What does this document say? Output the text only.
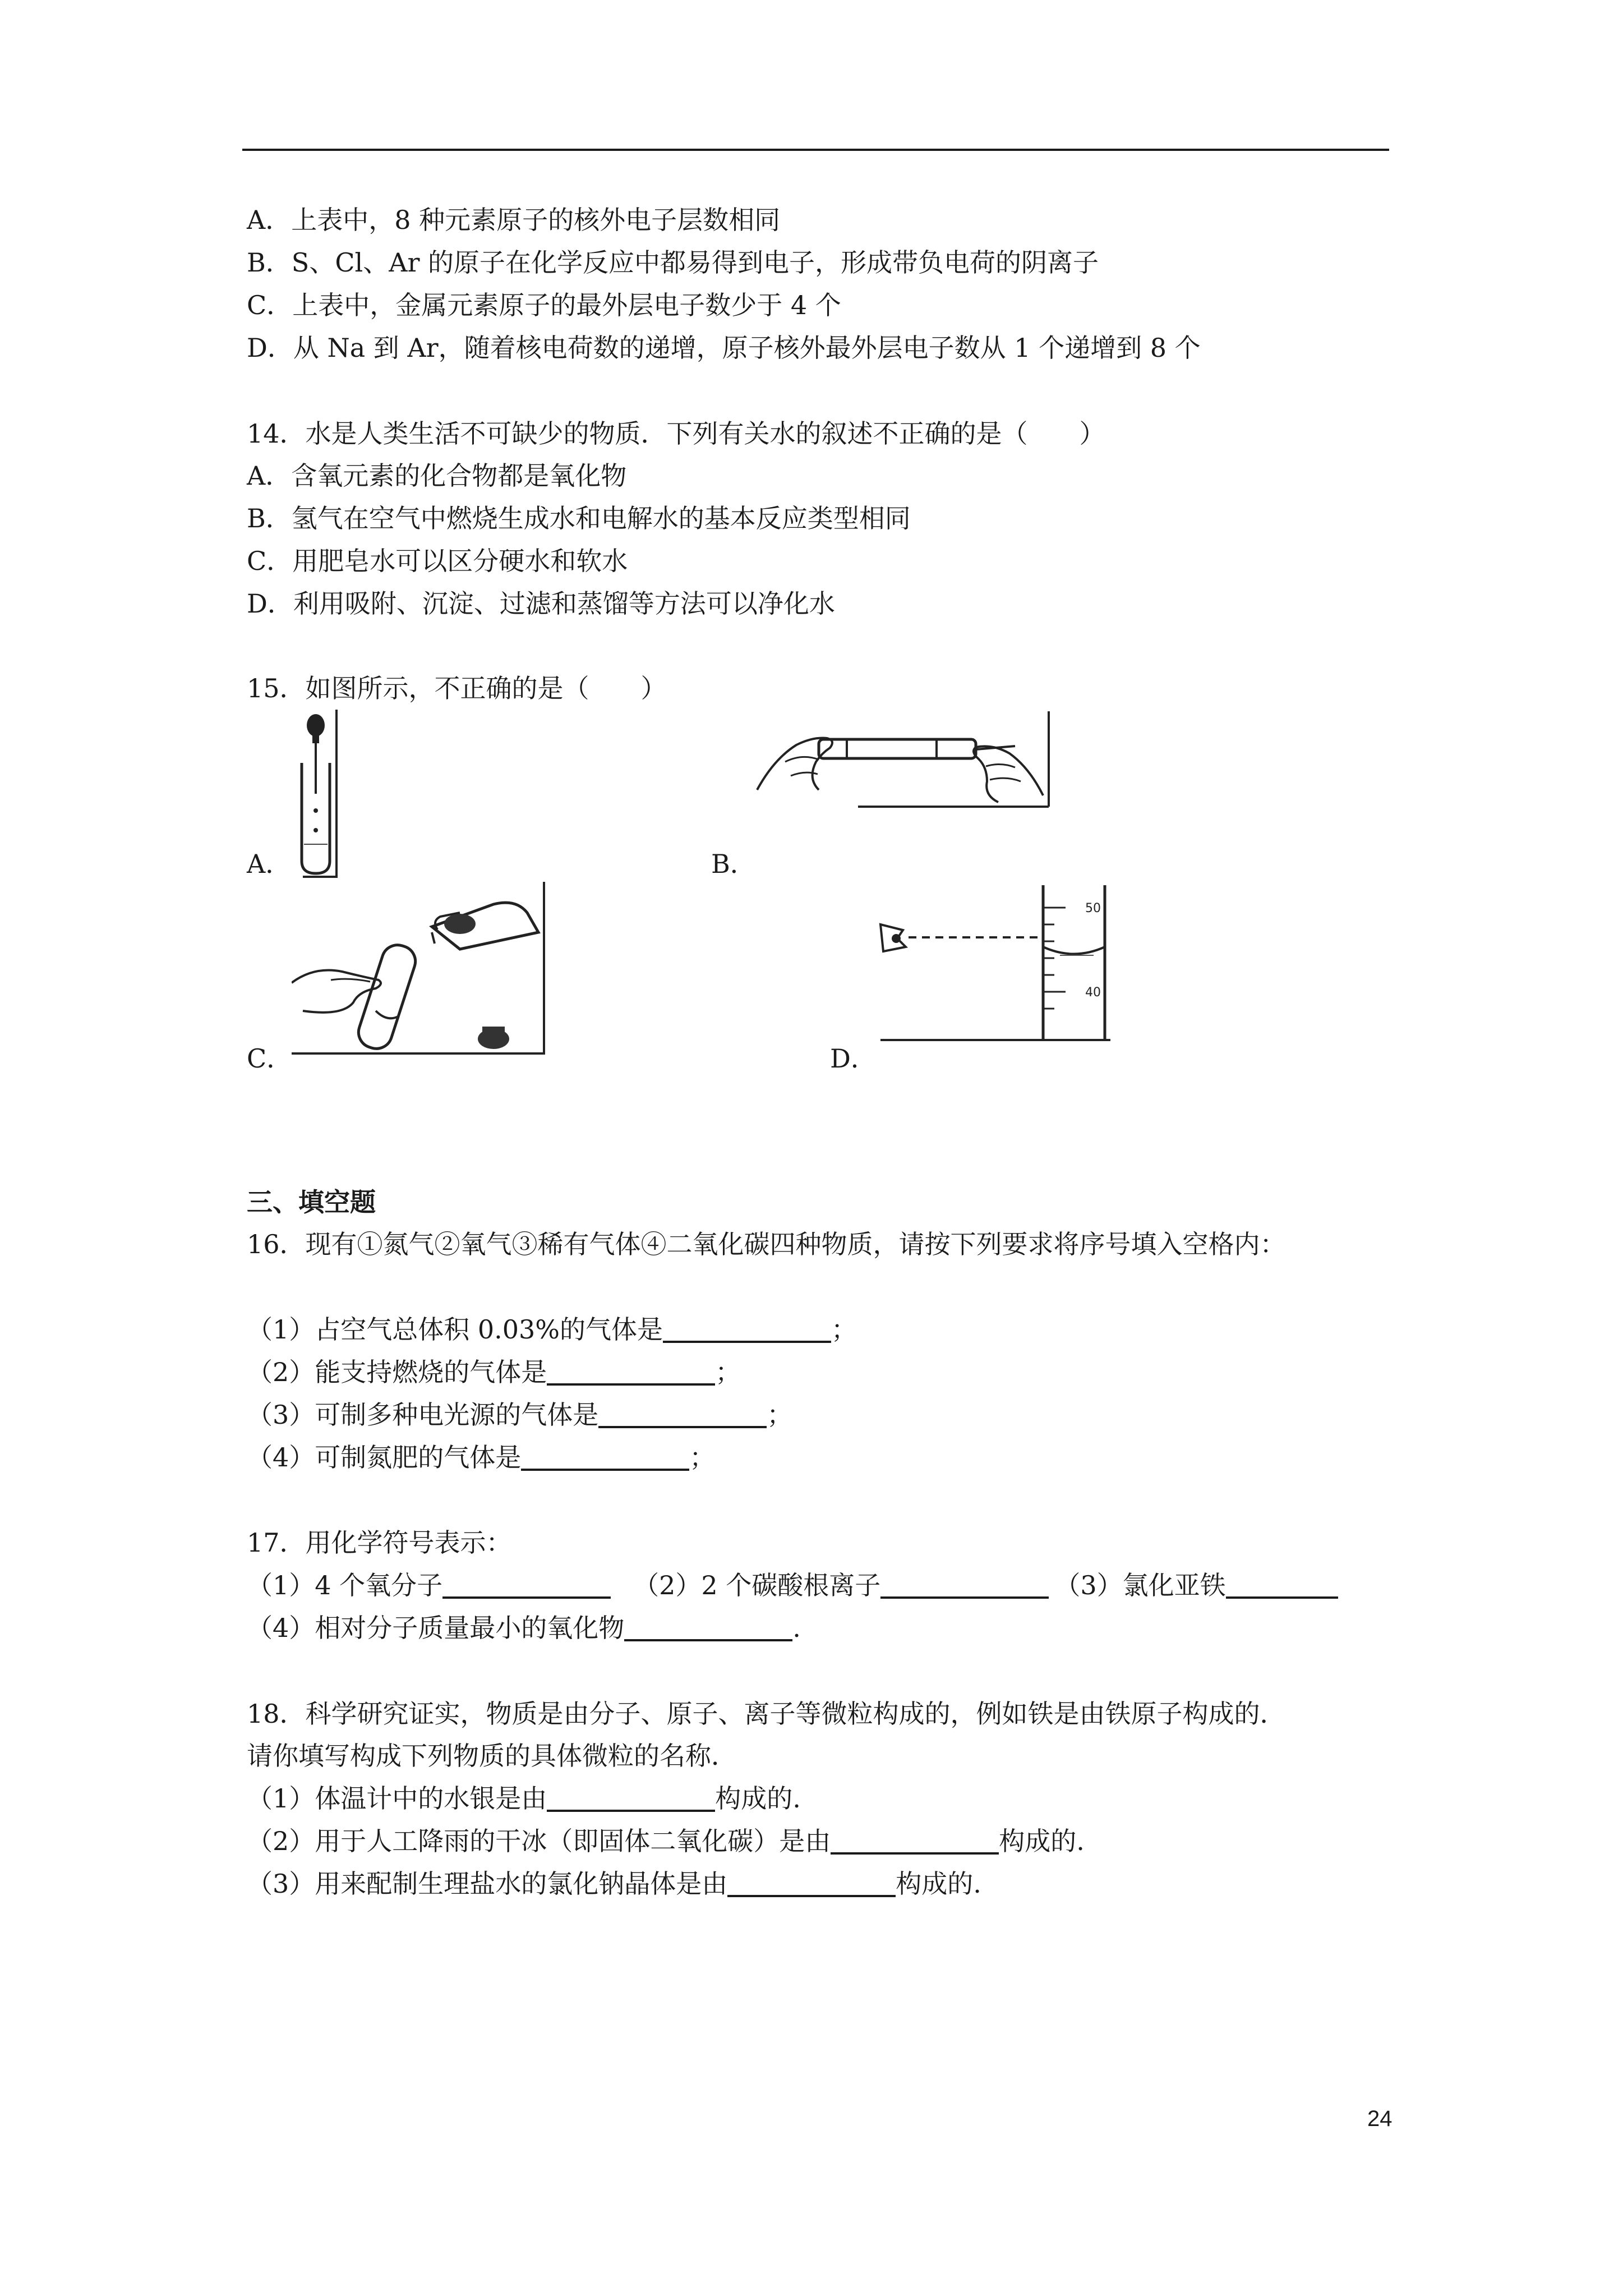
A．上表中，8 种元素原子的核外电子层数相同
B．S、Cl、Ar 的原子在化学反应中都易得到电子，形成带负电荷的阴离子
C．上表中，金属元素原子的最外层电子数少于 4 个
D．从 Na 到 Ar，随着核电荷数的递增，原子核外最外层电子数从 1 个递增到 8 个
14．水是人类生活不可缺少的物质．下列有关水的叙述不正确的是（　　）
A．含氧元素的化合物都是氧化物
B．氢气在空气中燃烧生成水和电解水的基本反应类型相同
C．用肥皂水可以区分硬水和软水
D．利用吸附、沉淀、过滤和蒸馏等方法可以净化水
15．如图所示，不正确的是（　　）
A．	B．
C．
50
40
D．
三、填空题
16．现有①氮气②氧气③稀有气体④二氧化碳四种物质，请按下列要求将序号填入空格内：
（1）占空气总体积 0.03%的气体是	；
（2）能支持燃烧的气体是	；
（3）可制多种电光源的气体是	；
（4）可制氮肥的气体是	；
17．用化学符号表示：
（1）4 个氧分子	（2）2 个碳酸根离子	（3）氯化亚铁
（4）相对分子质量最小的氧化物	.
18．科学研究证实，物质是由分子、原子、离子等微粒构成的，例如铁是由铁原子构成的．
请你填写构成下列物质的具体微粒的名称．
（1）体温计中的水银是由	构成的.
（2）用于人工降雨的干冰（即固体二氧化碳）是由	构成的.
（3）用来配制生理盐水的氯化钠晶体是由	构成的.
24
